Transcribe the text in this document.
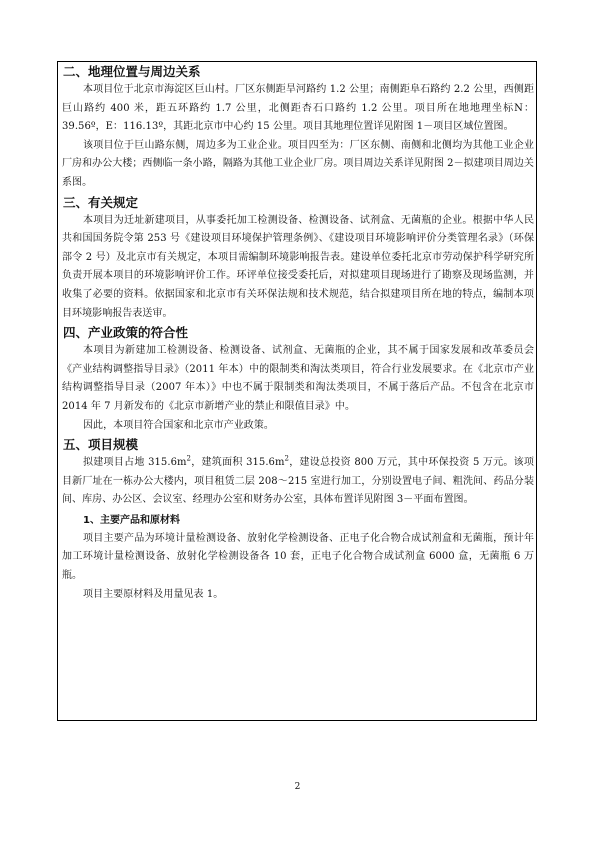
二、地理位置与周边关系

本项目位于北京市海淀区巨山村。厂区东侧距旱河路约 1.2 公里；南侧距阜石路约 2.2 公里，西侧距巨山路约 400 米，距五环路约 1.7 公里，北侧距杏石口路约 1.2 公里。项目所在地地理坐标N：39.56º，E：116.13º，其距北京市中心约 15 公里。项目其地理位置详见附图 1－项目区域位置图。

该项目位于巨山路东侧，周边多为工业企业。项目四至为：厂区东侧、南侧和北侧均为其他工业企业厂房和办公大楼；西侧临一条小路，隔路为其他工业企业厂房。项目周边关系详见附图 2－拟建项目周边关系图。

三、有关规定

本项目为迁址新建项目，从事委托加工检测设备、检测设备、试剂盒、无菌瓶的企业。根据中华人民共和国国务院令第 253 号《建设项目环境保护管理条例》、《建设项目环境影响评价分类管理名录》（环保部令 2 号）及北京市有关规定，本项目需编制环境影响报告表。建设单位委托北京市劳动保护科学研究所负责开展本项目的环境影响评价工作。环评单位接受委托后，对拟建项目现场进行了勘察及现场监测，并收集了必要的资料。依据国家和北京市有关环保法规和技术规范，结合拟建项目所在地的特点，编制本项目环境影响报告表送审。

四、产业政策的符合性

本项目为新建加工检测设备、检测设备、试剂盒、无菌瓶的企业，其不属于国家发展和改革委员会《产业结构调整指导目录》（2011 年本）中的限制类和淘汰类项目，符合行业发展要求。在《北京市产业结构调整指导目录（2007 年本）》中也不属于限制类和淘汰类项目，不属于落后产品。不包含在北京市 2014 年 7 月新发布的《北京市新增产业的禁止和限值目录》中。

因此，本项目符合国家和北京市产业政策。

五、项目规模

拟建项目占地 $315.6m^2$，建筑面积 $315.6m^2$，建设总投资 800 万元，其中环保投资 5 万元。该项目新厂址在一栋办公大楼内，项目租赁二层 208～215 室进行加工，分别设置电子间、粗洗间、药品分装间、库房、办公区、会议室、经理办公室和财务办公室，具体布置详见附图 3－平面布置图。

1、主要产品和原材料

项目主要产品为环境计量检测设备、放射化学检测设备、正电子化合物合成试剂盒和无菌瓶，预计年加工环境计量检测设备、放射化学检测设备各 10 套，正电子化合物合成试剂盒 6000 盒，无菌瓶 6 万瓶。

项目主要原材料及用量见表 1。

2
